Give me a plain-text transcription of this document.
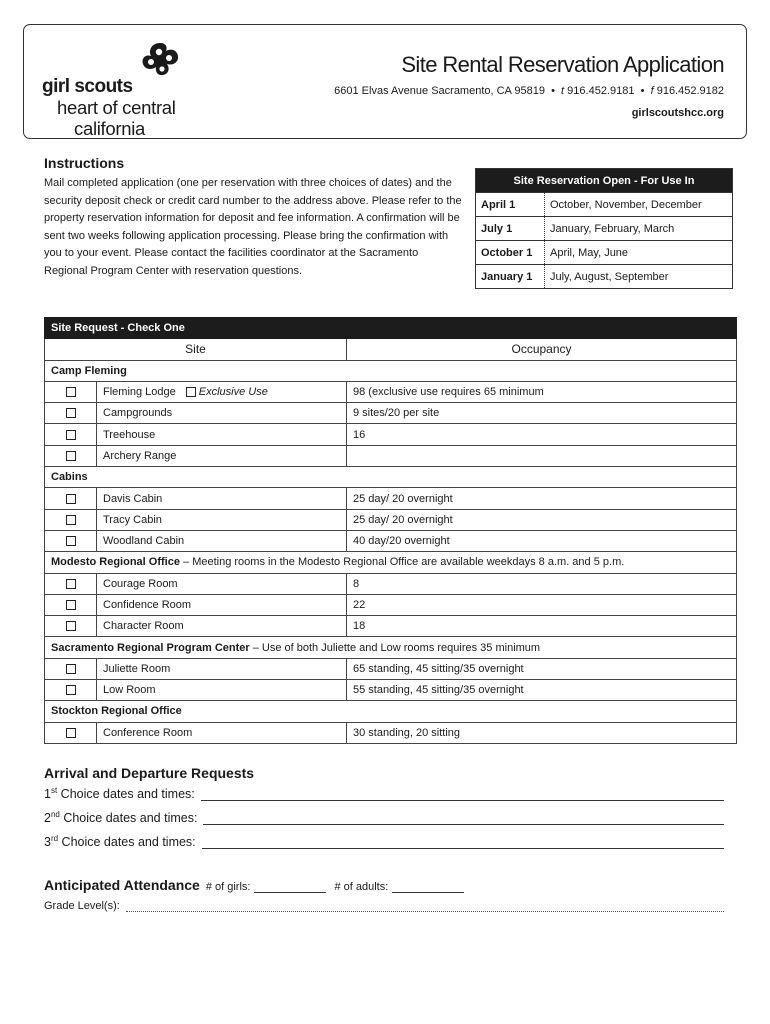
girl scouts
heart of central
california
Site Rental Reservation Application
6601 Elvas Avenue Sacramento, CA 95819 • t 916.452.9181 • f 916.452.9182
girlscoutshcc.org
Instructions
Mail completed application (one per reservation with three choices of dates) and the security deposit check or credit card number to the address above. Please refer to the property reservation information for deposit and fee information. A confirmation will be sent two weeks following application processing. Please bring the confirmation with you to your event. Please contact the facilities coordinator at the Sacramento Regional Program Center with reservation questions.
Site Reservation Open - For Use In	
April 1	October, November, December
July 1	January, February, March
October 1	April, May, June
January 1	July, August, September
Site Request - Check One		
Site		Occupancy
Camp Fleming		
	Fleming Lodge Exclusive Use	98 (exclusive use requires 65 minimum
	Campgrounds	9 sites/20 per site
	Treehouse	16
	Archery Range	
Cabins		
	Davis Cabin	25 day/ 20 overnight
	Tracy Cabin	25 day/ 20 overnight
	Woodland Cabin	40 day/20 overnight
Modesto Regional Office – Meeting rooms in the Modesto Regional Office are available weekdays 8 a.m. and 5 p.m.		
	Courage Room	8
	Confidence Room	22
	Character Room	18
Sacramento Regional Program Center – Use of both Juliette and Low rooms requires 35 minimum		
	Juliette Room	65 standing, 45 sitting/35 overnight
	Low Room	55 standing, 45 sitting/35 overnight
Stockton Regional Office		
	Conference Room	30 standing, 20 sitting
Arrival and Departure Requests
1st Choice dates and times:
2nd Choice dates and times:
3rd Choice dates and times:
Anticipated Attendance # of girls:	# of adults:
Grade Level(s):
